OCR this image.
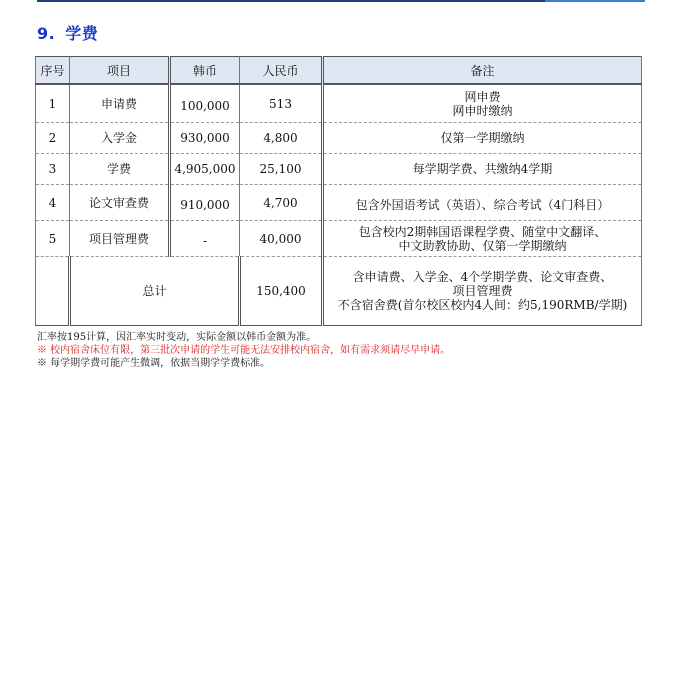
9. 学费
序号	项目	韩币	人民币	备注
1	申请费	100,000	513	网申费
网申时缴纳

2	入学金	930,000	4,800	仅第一学期缴纳

3	学费	4,905,000	25,100	每学期学费、共缴纳4学期

4	论文审查费	910,000	4,700	包含外国语考试（英语）、综合考试（4门科目）

5	项目管理费	-	40,000	包含校内2期韩国语课程学费、随堂中文翻译、
中文助教协助、仅第一学期缴纳

	总计		150,400	含申请费、入学金、4个学期学费、论文审查费、
项目管理费
不含宿舍费(首尔校区校内4人间：约5,190RMB/学期)
汇率按195计算，因汇率实时变动，实际金额以韩币金额为准。
※ 校内宿舍床位有限，第三批次申请的学生可能无法安排校内宿舍，如有需求须请尽早申请。
※ 每学期学费可能产生微调，依据当期学学费标准。
